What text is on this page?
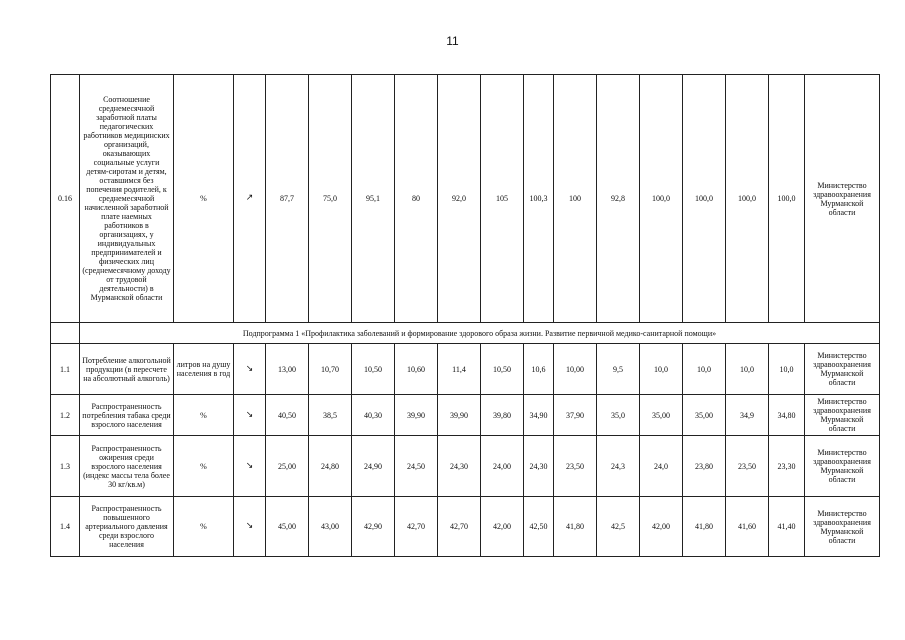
11
0.16	Соотношение среднемесячной заработной платы педагогических работников медицинских организаций, оказывающих социальные услуги детям-сиротам и детям, оставшимся без попечения родителей, к среднемесячной начисленной заработной плате наемных работников в организациях, у индивидуальных предпринимателей и физических лиц (среднемесячному доходу от трудовой деятельности) в Мурманской области	%	↗	87,7	75,0	95,1	80	92,0	105	100,3	100	92,8	100,0	100,0	100,0	100,0	Министерство здравоохранения Мурманской области
	Подпрограмма 1 «Профилактика заболеваний и формирование здорового образа жизни. Развитие первичной медико-санитарной помощи»																
1.1	Потребление алкогольной продукции (в пересчете на абсолютный алкоголь)	литров на душу населения в год	↘	13,00	10,70	10,50	10,60	11,4	10,50	10,6	10,00	9,5	10,0	10,0	10,0	10,0	Министерство здравоохранения Мурманской области
1.2	Распространенность потребления табака среди взрослого населения	%	↘	40,50	38,5	40,30	39,90	39,90	39,80	34,90	37,90	35,0	35,00	35,00	34,9	34,80	Министерство здравоохранения Мурманской области
1.3	Распространенность ожирения среди взрослого населения (индекс массы тела более 30 кг/кв.м)	%	↘	25,00	24,80	24,90	24,50	24,30	24,00	24,30	23,50	24,3	24,0	23,80	23,50	23,30	Министерство здравоохранения Мурманской области
1.4	Распространенность повышенного артериального давления среди взрослого населения	%	↘	45,00	43,00	42,90	42,70	42,70	42,00	42,50	41,80	42,5	42,00	41,80	41,60	41,40	Министерство здравоохранения Мурманской области
